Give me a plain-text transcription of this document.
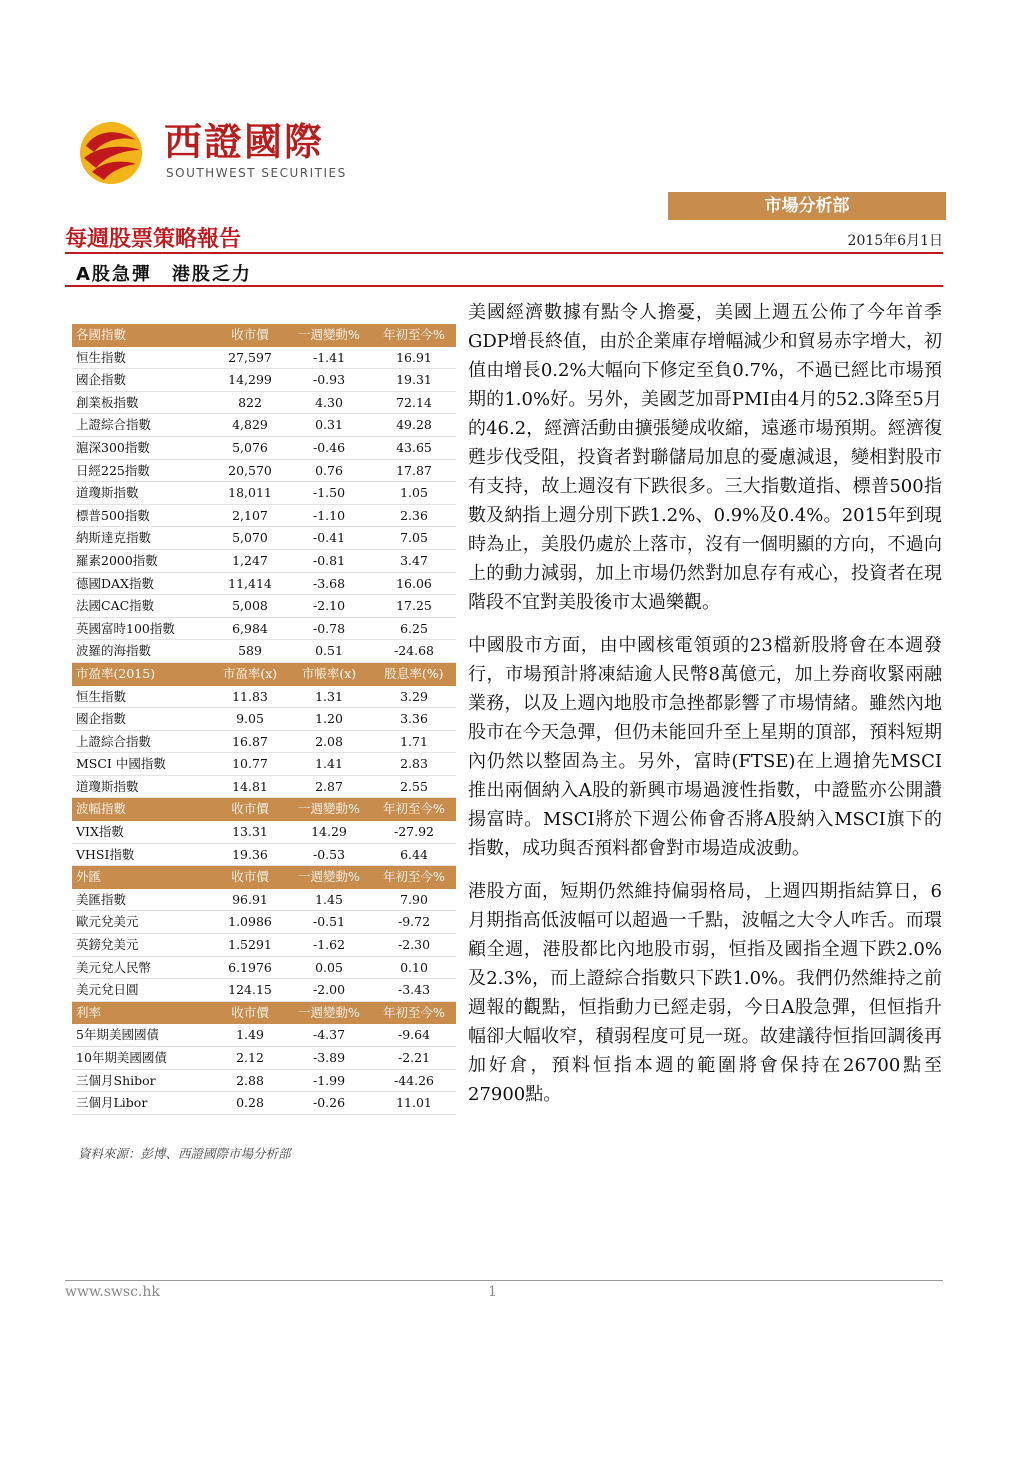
西證國際
SOUTHWEST SECURITIES
市場分析部
每週股票策略報告	2015年6月1日
A股急彈　港股乏力
各國指數	收市價	一週變動%	年初至今%
恒生指數	27,597	-1.41	16.91
國企指數	14,299	-0.93	19.31
創業板指數	822	4.30	72.14
上證綜合指數	4,829	0.31	49.28
滬深300指數	5,076	-0.46	43.65
日經225指數	20,570	0.76	17.87
道瓊斯指數	18,011	-1.50	1.05
標普500指數	2,107	-1.10	2.36
納斯達克指數	5,070	-0.41	7.05
羅素2000指數	1,247	-0.81	3.47
德國DAX指數	11,414	-3.68	16.06
法國CAC指數	5,008	-2.10	17.25
英國富時100指數	6,984	-0.78	6.25
波羅的海指數	589	0.51	-24.68
市盈率(2015)	市盈率(x)	市帳率(x)	股息率(%)
恒生指數	11.83	1.31	3.29
國企指數	9.05	1.20	3.36
上證綜合指數	16.87	2.08	1.71
MSCI 中國指數	10.77	1.41	2.83
道瓊斯指數	14.81	2.87	2.55
波幅指數	收市價	一週變動%	年初至今%
VIX指數	13.31	14.29	-27.92
VHSI指數	19.36	-0.53	6.44
外匯	收市價	一週變動%	年初至今%
美匯指數	96.91	1.45	7.90
歐元兌美元	1.0986	-0.51	-9.72
英鎊兌美元	1.5291	-1.62	-2.30
美元兌人民幣	6.1976	0.05	0.10
美元兌日圓	124.15	-2.00	-3.43
利率	收市價	一週變動%	年初至今%
5年期美國國債	1.49	-4.37	-9.64
10年期美國國債	2.12	-3.89	-2.21
三個月Shibor	2.88	-1.99	-44.26
三個月Libor	0.28	-0.26	11.01
資料來源：彭博、西證國際市場分析部

美國經濟數據有點令人擔憂，美國上週五公佈了今年首季GDP增長終值，由於企業庫存增幅減少和貿易赤字增大，初值由增長0.2%大幅向下修定至負0.7%，不過已經比市場預期的1.0%好。另外，美國芝加哥PMI由4月的52.3降至5月的46.2，經濟活動由擴張變成收縮，遠遜市場預期。經濟復甦步伐受阻，投資者對聯儲局加息的憂慮減退，變相對股市有支持，故上週沒有下跌很多。三大指數道指、標普500指數及納指上週分別下跌1.2%、0.9%及0.4%。2015年到現時為止，美股仍處於上落市，沒有一個明顯的方向，不過向上的動力減弱，加上市場仍然對加息存有戒心，投資者在現階段不宜對美股後市太過樂觀。

中國股市方面，由中國核電領頭的23檔新股將會在本週發行，市場預計將凍結逾人民幣8萬億元，加上券商收緊兩融業務，以及上週內地股市急挫都影響了市場情緒。雖然內地股市在今天急彈，但仍未能回升至上星期的頂部，預料短期內仍然以整固為主。另外，富時(FTSE)在上週搶先MSCI推出兩個納入A股的新興市場過渡性指數，中證監亦公開讚揚富時。MSCI將於下週公佈會否將A股納入MSCI旗下的指數，成功與否預料都會對市場造成波動。

港股方面，短期仍然維持偏弱格局，上週四期指結算日，6月期指高低波幅可以超過一千點，波幅之大令人咋舌。而環顧全週，港股都比內地股市弱，恒指及國指全週下跌2.0%及2.3%，而上證綜合指數只下跌1.0%。我們仍然維持之前週報的觀點，恒指動力已經走弱，今日A股急彈，但恒指升幅卻大幅收窄，積弱程度可見一斑。故建議待恒指回調後再加好倉，預料恒指本週的範圍將會保持在26700點至27900點。

www.swsc.hk	1
